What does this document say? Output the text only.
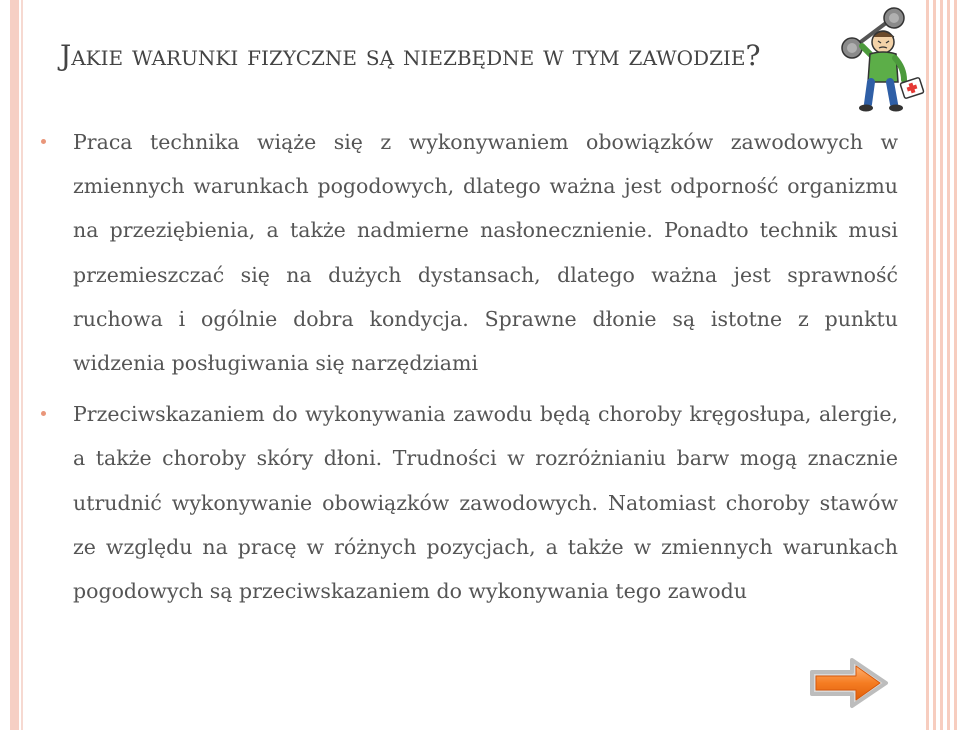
Jakie warunki fizyczne są niezbędne w tym zawodzie?
Praca technika wiąże się z wykonywaniem obowiązków zawodowych w zmiennych warunkach pogodowych, dlatego ważna jest odporność organizmu na przeziębienia, a także nadmierne nasłonecznienie. Ponadto technik musi przemieszczać się na dużych dystansach, dlatego ważna jest sprawność ruchowa i ogólnie dobra kondycja. Sprawne dłonie są istotne z punktu widzenia posługiwania się narzędziami
Przeciwskazaniem do wykonywania zawodu będą choroby kręgosłupa, alergie, a także choroby skóry dłoni. Trudności w rozróżnianiu barw mogą znacznie utrudnić wykonywanie obowiązków zawodowych. Natomiast choroby stawów ze względu na pracę w różnych pozycjach, a także w zmiennych warunkach pogodowych są przeciwskazaniem do wykonywania tego zawodu
